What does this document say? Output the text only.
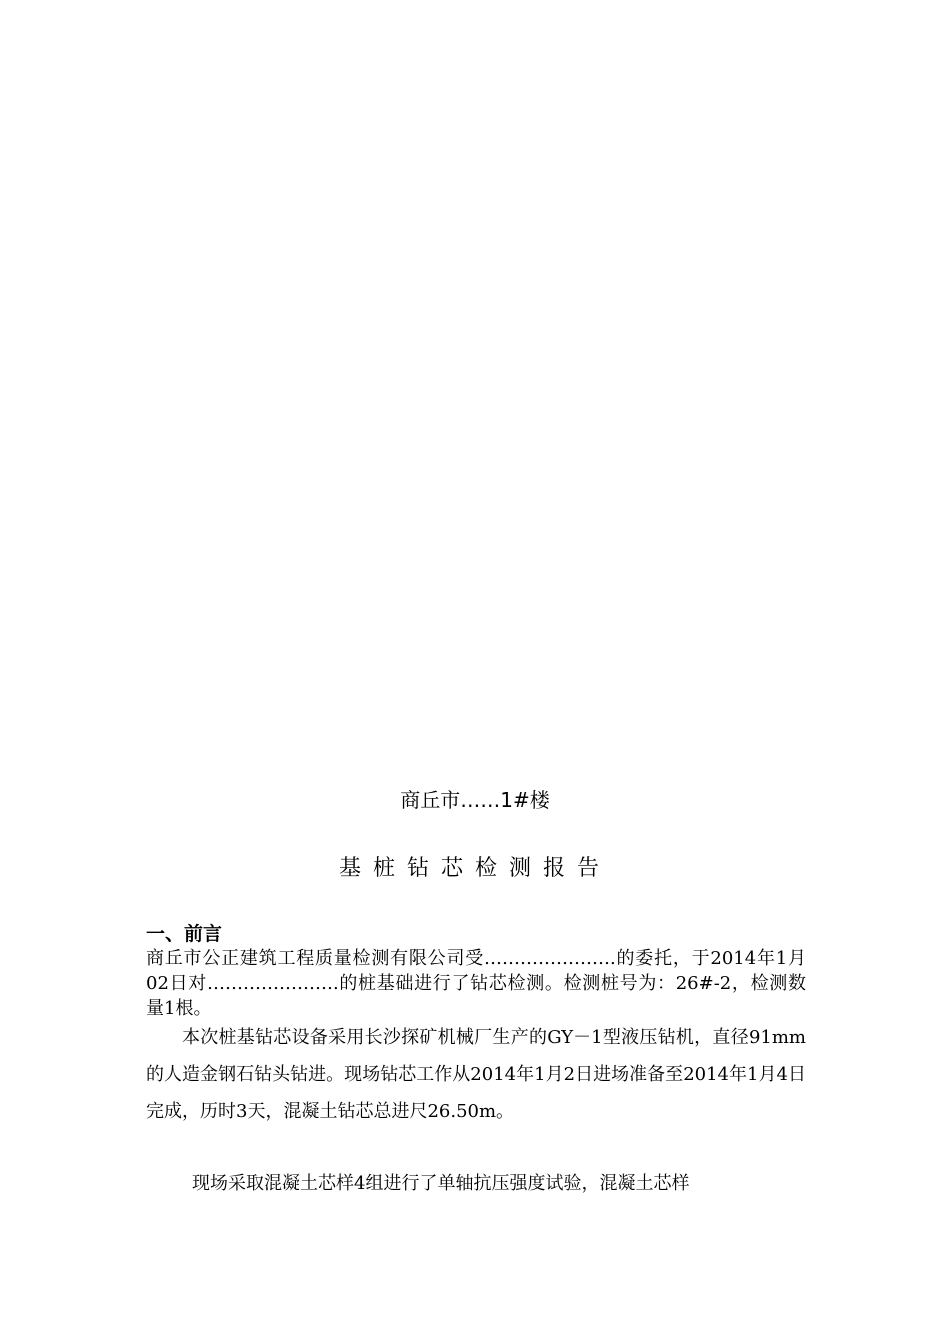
商丘市……1#楼
基桩钻芯检测报告
一、前言

商丘市公正建筑工程质量检测有限公司受………………….的委托，于2014年1月02日对………………….的桩基础进行了钻芯检测。检测桩号为：26#-2，检测数量1根。

本次桩基钻芯设备采用长沙探矿机械厂生产的GY－1型液压钻机，直径91mm的人造金钢石钻头钻进。现场钻芯工作从2014年1月2日进场准备至2014年1月4日完成，历时3天，混凝土钻芯总进尺26.50m。

现场采取混凝土芯样4组进行了单轴抗压强度试验，混凝土芯样
